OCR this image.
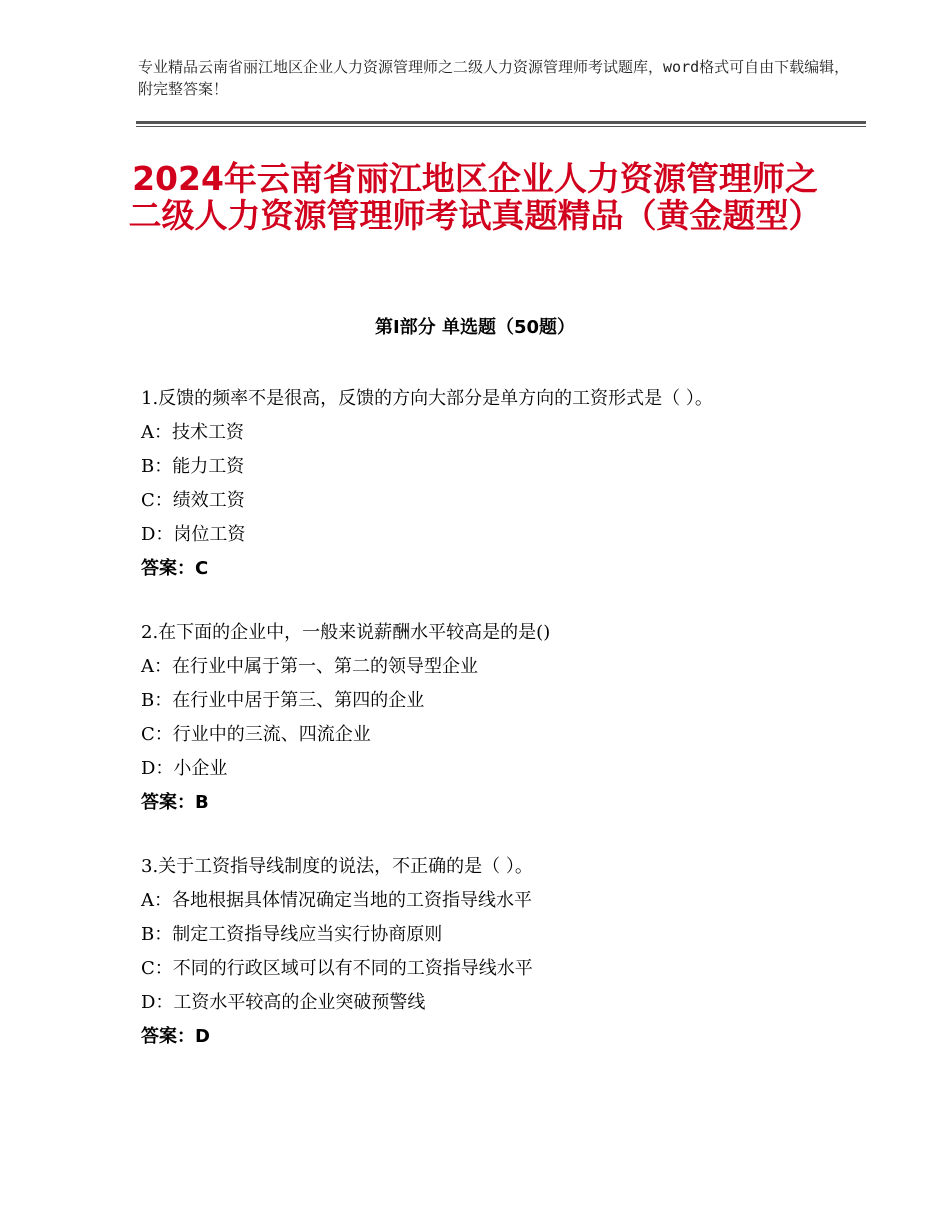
专业精品云南省丽江地区企业人力资源管理师之二级人力资源管理师考试题库，word格式可自由下载编辑，附完整答案！
2024年云南省丽江地区企业人力资源管理师之二级人力资源管理师考试真题精品（黄金题型）
第Ⅰ部分 单选题（50题）

1.反馈的频率不是很高，反馈的方向大部分是单方向的工资形式是（ ）。

A：技术工资

B：能力工资

C：绩效工资

D：岗位工资

答案：C

2.在下面的企业中，一般来说薪酬水平较高是的是()

A：在行业中属于第一、第二的领导型企业

B：在行业中居于第三、第四的企业

C：行业中的三流、四流企业

D：小企业

答案：B

3.关于工资指导线制度的说法，不正确的是（ ）。

A：各地根据具体情况确定当地的工资指导线水平

B：制定工资指导线应当实行协商原则

C：不同的行政区域可以有不同的工资指导线水平

D：工资水平较高的企业突破预警线

答案：D
